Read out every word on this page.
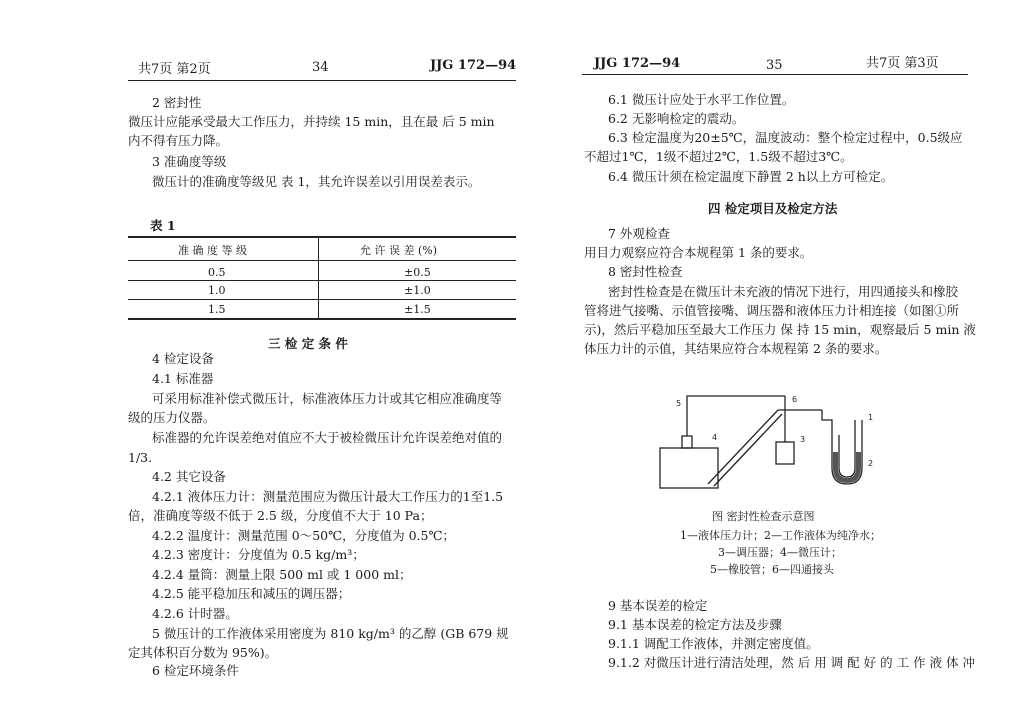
共7页 第2页	34	JJG 172—94
2 密封性
微压计应能承受最大工作压力，并持续 15 min，且在最 后 5 min
内不得有压力降。
3 准确度等级
微压计的准确度等级见 表 1，其允许误差以引用误差表示。
表 1
准 确 度 等 级	允 许 误 差 (%)
0.5	±0.5
1.0	±1.0
1.5	±1.5
三 检 定 条 件
4 检定设备
4.1 标准器
可采用标准补偿式微压计，标准液体压力计或其它相应准确度等
级的压力仪器。
标准器的允许误差绝对值应不大于被检微压计允许误差绝对值的
1/3.
4.2 其它设备
4.2.1 液体压力计：测量范围应为微压计最大工作压力的1至1.5
倍，准确度等级不低于 2.5 级，分度值不大于 10 Pa；
4.2.2 温度计：测量范围 0～50℃，分度值为 0.5℃；
4.2.3 密度计：分度值为 0.5 kg/m³；
4.2.4 量筒：测量上限 500 ml 或 1 000 ml；
4.2.5 能平稳加压和减压的调压器；
4.2.6 计时器。
5 微压计的工作液体采用密度为 810 kg/m³ 的乙醇 (GB 679 规
定其体积百分数为 95%)。
6 检定环境条件
JJG 172—94	35	共7页 第3页
6.1 微压计应处于水平工作位置。
6.2 无影响检定的震动。
6.3 检定温度为20±5℃，温度波动：整个检定过程中，0.5级应
不超过1℃，1级不超过2℃，1.5级不超过3℃。
6.4 微压计须在检定温度下静置 2 h以上方可检定。
四 检定项目及检定方法
7 外观检查
用目力观察应符合本规程第 1 条的要求。
8 密封性检查
密封性检查是在微压计未充液的情况下进行，用四通接头和橡胶
管将进气接嘴、示值管接嘴、调压器和液体压力计相连接（如图①所
示)，然后平稳加压至最大工作压力 保 持 15 min，观察最后 5 min 液
体压力计的示值，其结果应符合本规程第 2 条的要求。
1
2
3
4
5	6
图 密封性检查示意图
1—液体压力计；2—工作液体为纯净水；
3—调压器；4—微压计；
5—橡胶管；6—四通接头
9 基本误差的检定
9.1 基本误差的检定方法及步骤
9.1.1 调配工作液体，并测定密度值。
9.1.2 对微压计进行清洁处理，然 后 用 调 配 好 的 工 作 液 体 冲
